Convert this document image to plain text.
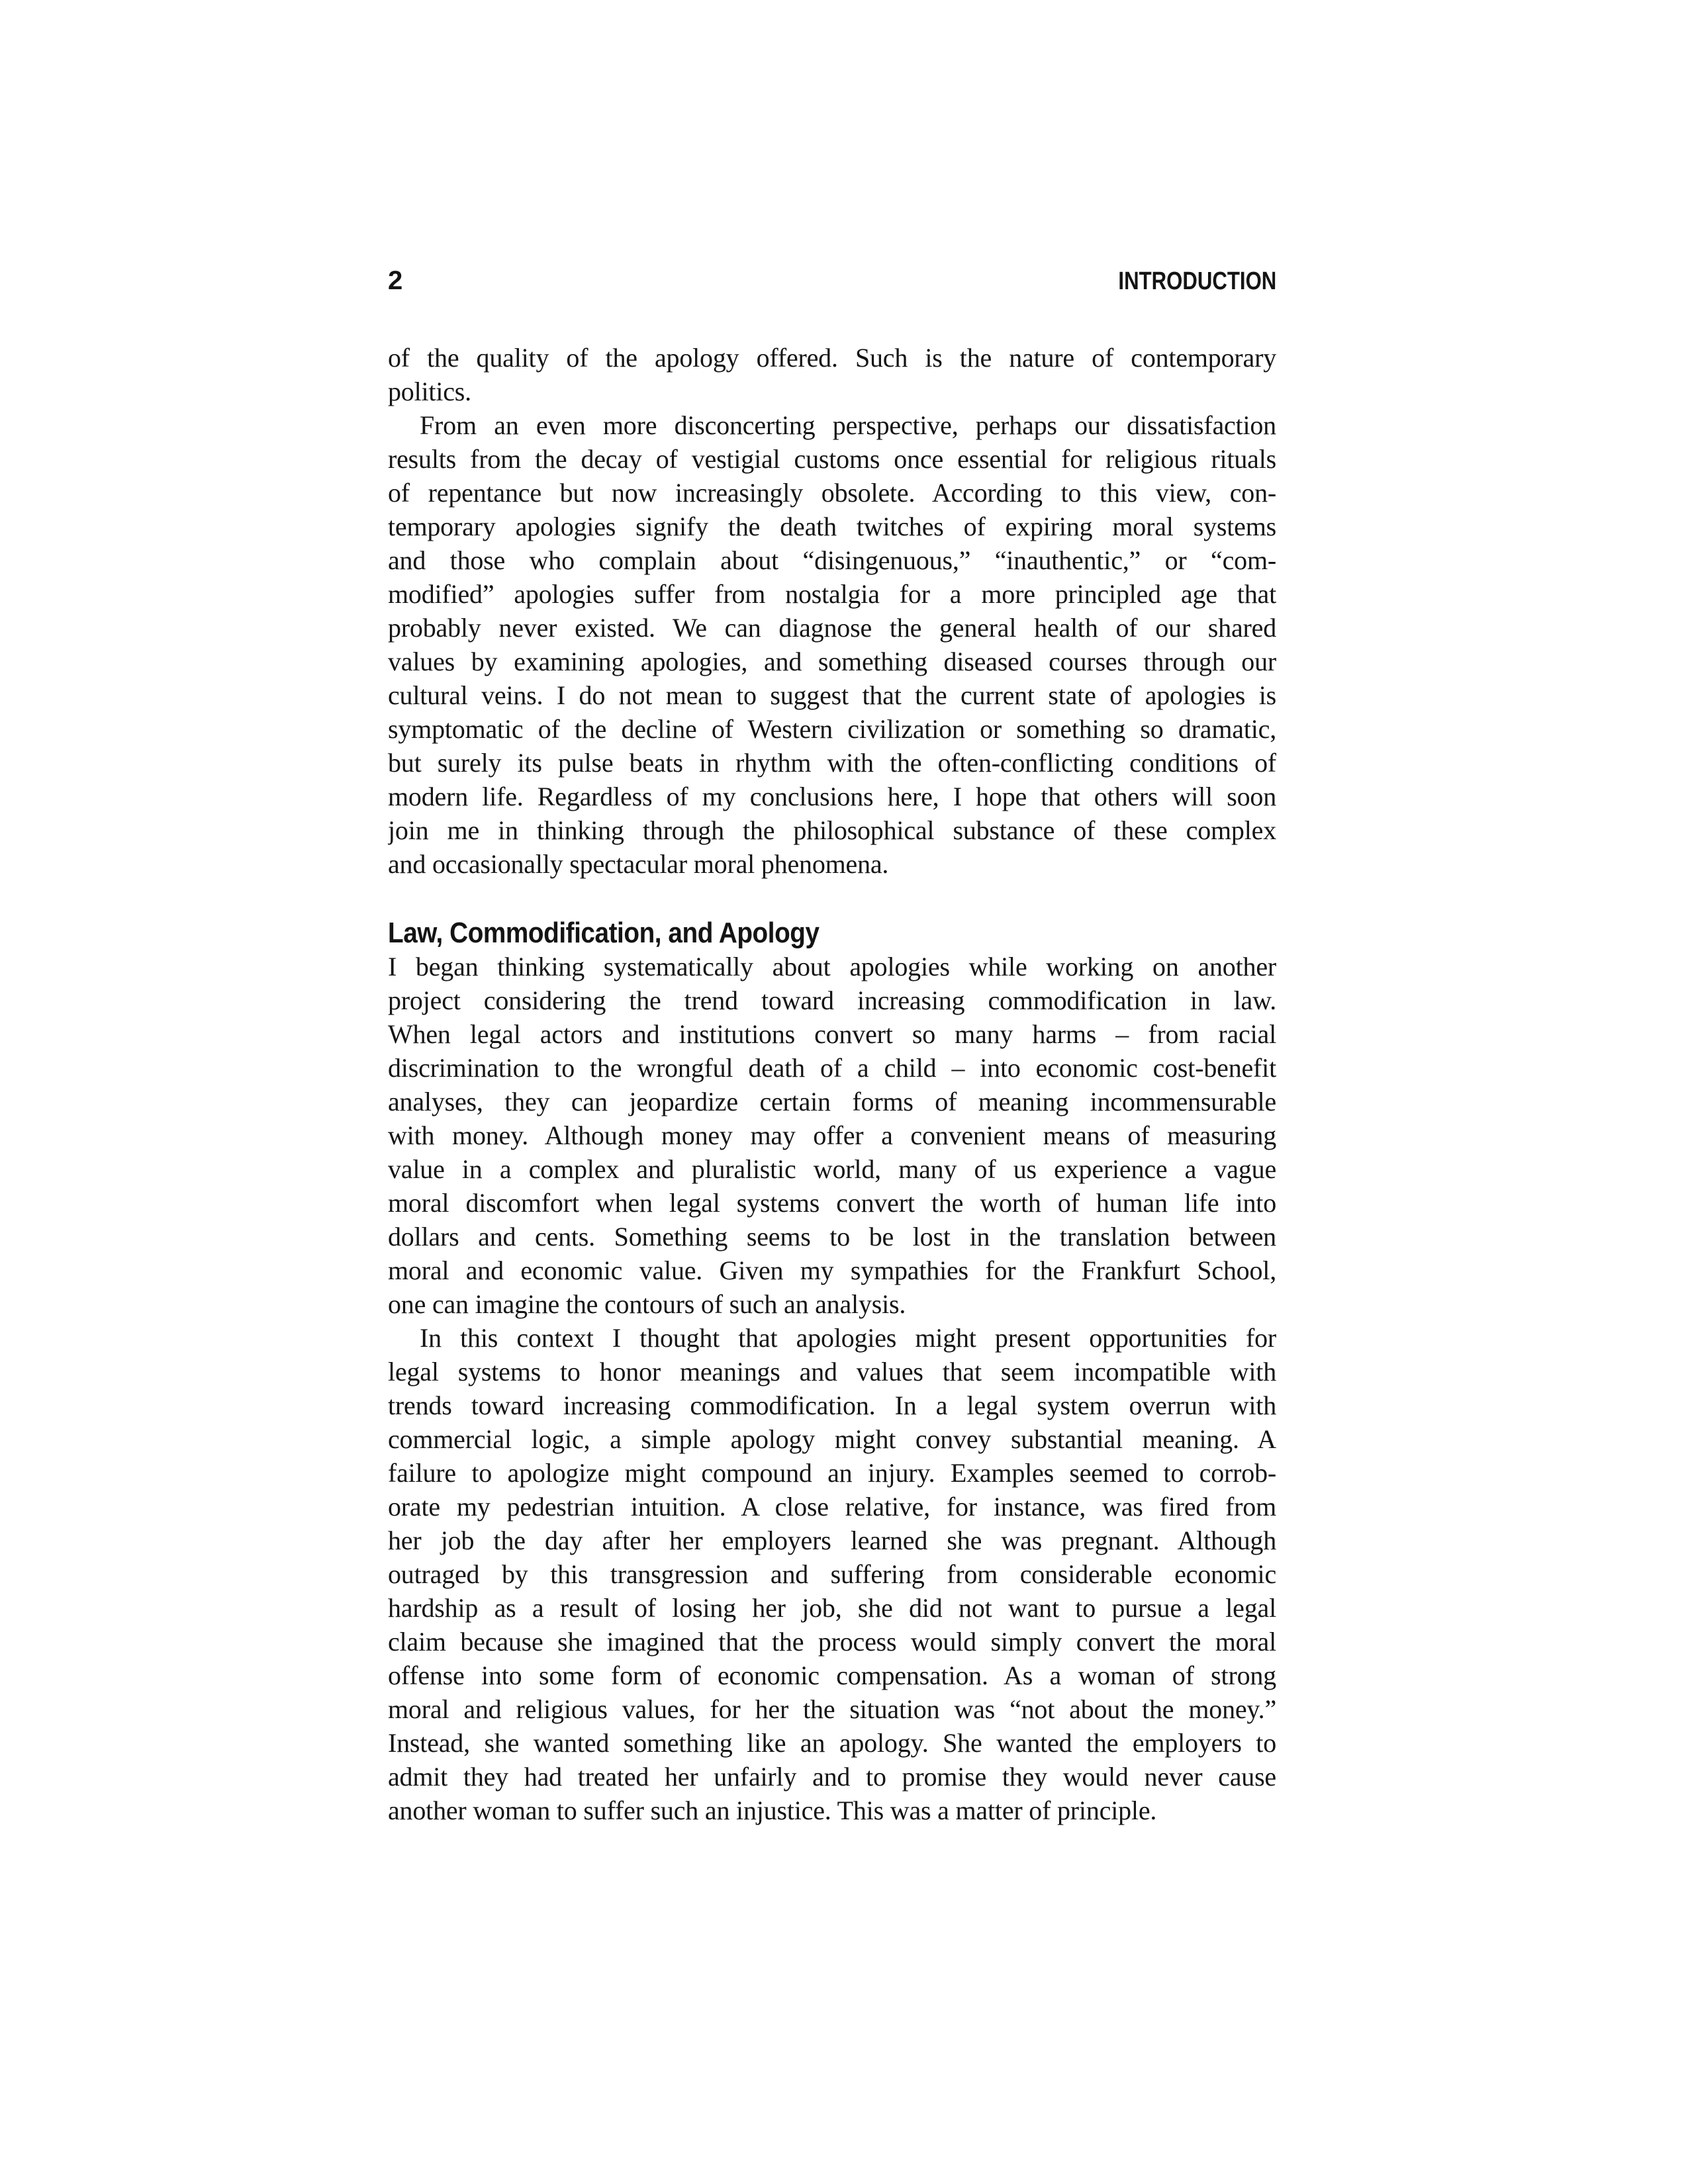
2	INTRODUCTION
of the quality of the apology offered. Such is the nature of contemporary
politics.
From an even more disconcerting perspective, perhaps our dissatisfaction
results from the decay of vestigial customs once essential for religious rituals
of repentance but now increasingly obsolete. According to this view, con-
temporary apologies signify the death twitches of expiring moral systems
and those who complain about “disingenuous,” “inauthentic,” or “com-
modified” apologies suffer from nostalgia for a more principled age that
probably never existed. We can diagnose the general health of our shared
values by examining apologies, and something diseased courses through our
cultural veins. I do not mean to suggest that the current state of apologies is
symptomatic of the decline of Western civilization or something so dramatic,
but surely its pulse beats in rhythm with the often-conflicting conditions of
modern life. Regardless of my conclusions here, I hope that others will soon
join me in thinking through the philosophical substance of these complex
and occasionally spectacular moral phenomena.
Law, Commodification, and Apology
I began thinking systematically about apologies while working on another
project considering the trend toward increasing commodification in law.
When legal actors and institutions convert so many harms – from racial
discrimination to the wrongful death of a child – into economic cost-benefit
analyses, they can jeopardize certain forms of meaning incommensurable
with money. Although money may offer a convenient means of measuring
value in a complex and pluralistic world, many of us experience a vague
moral discomfort when legal systems convert the worth of human life into
dollars and cents. Something seems to be lost in the translation between
moral and economic value. Given my sympathies for the Frankfurt School,
one can imagine the contours of such an analysis.
In this context I thought that apologies might present opportunities for
legal systems to honor meanings and values that seem incompatible with
trends toward increasing commodification. In a legal system overrun with
commercial logic, a simple apology might convey substantial meaning. A
failure to apologize might compound an injury. Examples seemed to corrob-
orate my pedestrian intuition. A close relative, for instance, was fired from
her job the day after her employers learned she was pregnant. Although
outraged by this transgression and suffering from considerable economic
hardship as a result of losing her job, she did not want to pursue a legal
claim because she imagined that the process would simply convert the moral
offense into some form of economic compensation. As a woman of strong
moral and religious values, for her the situation was “not about the money.”
Instead, she wanted something like an apology. She wanted the employers to
admit they had treated her unfairly and to promise they would never cause
another woman to suffer such an injustice. This was a matter of principle.
